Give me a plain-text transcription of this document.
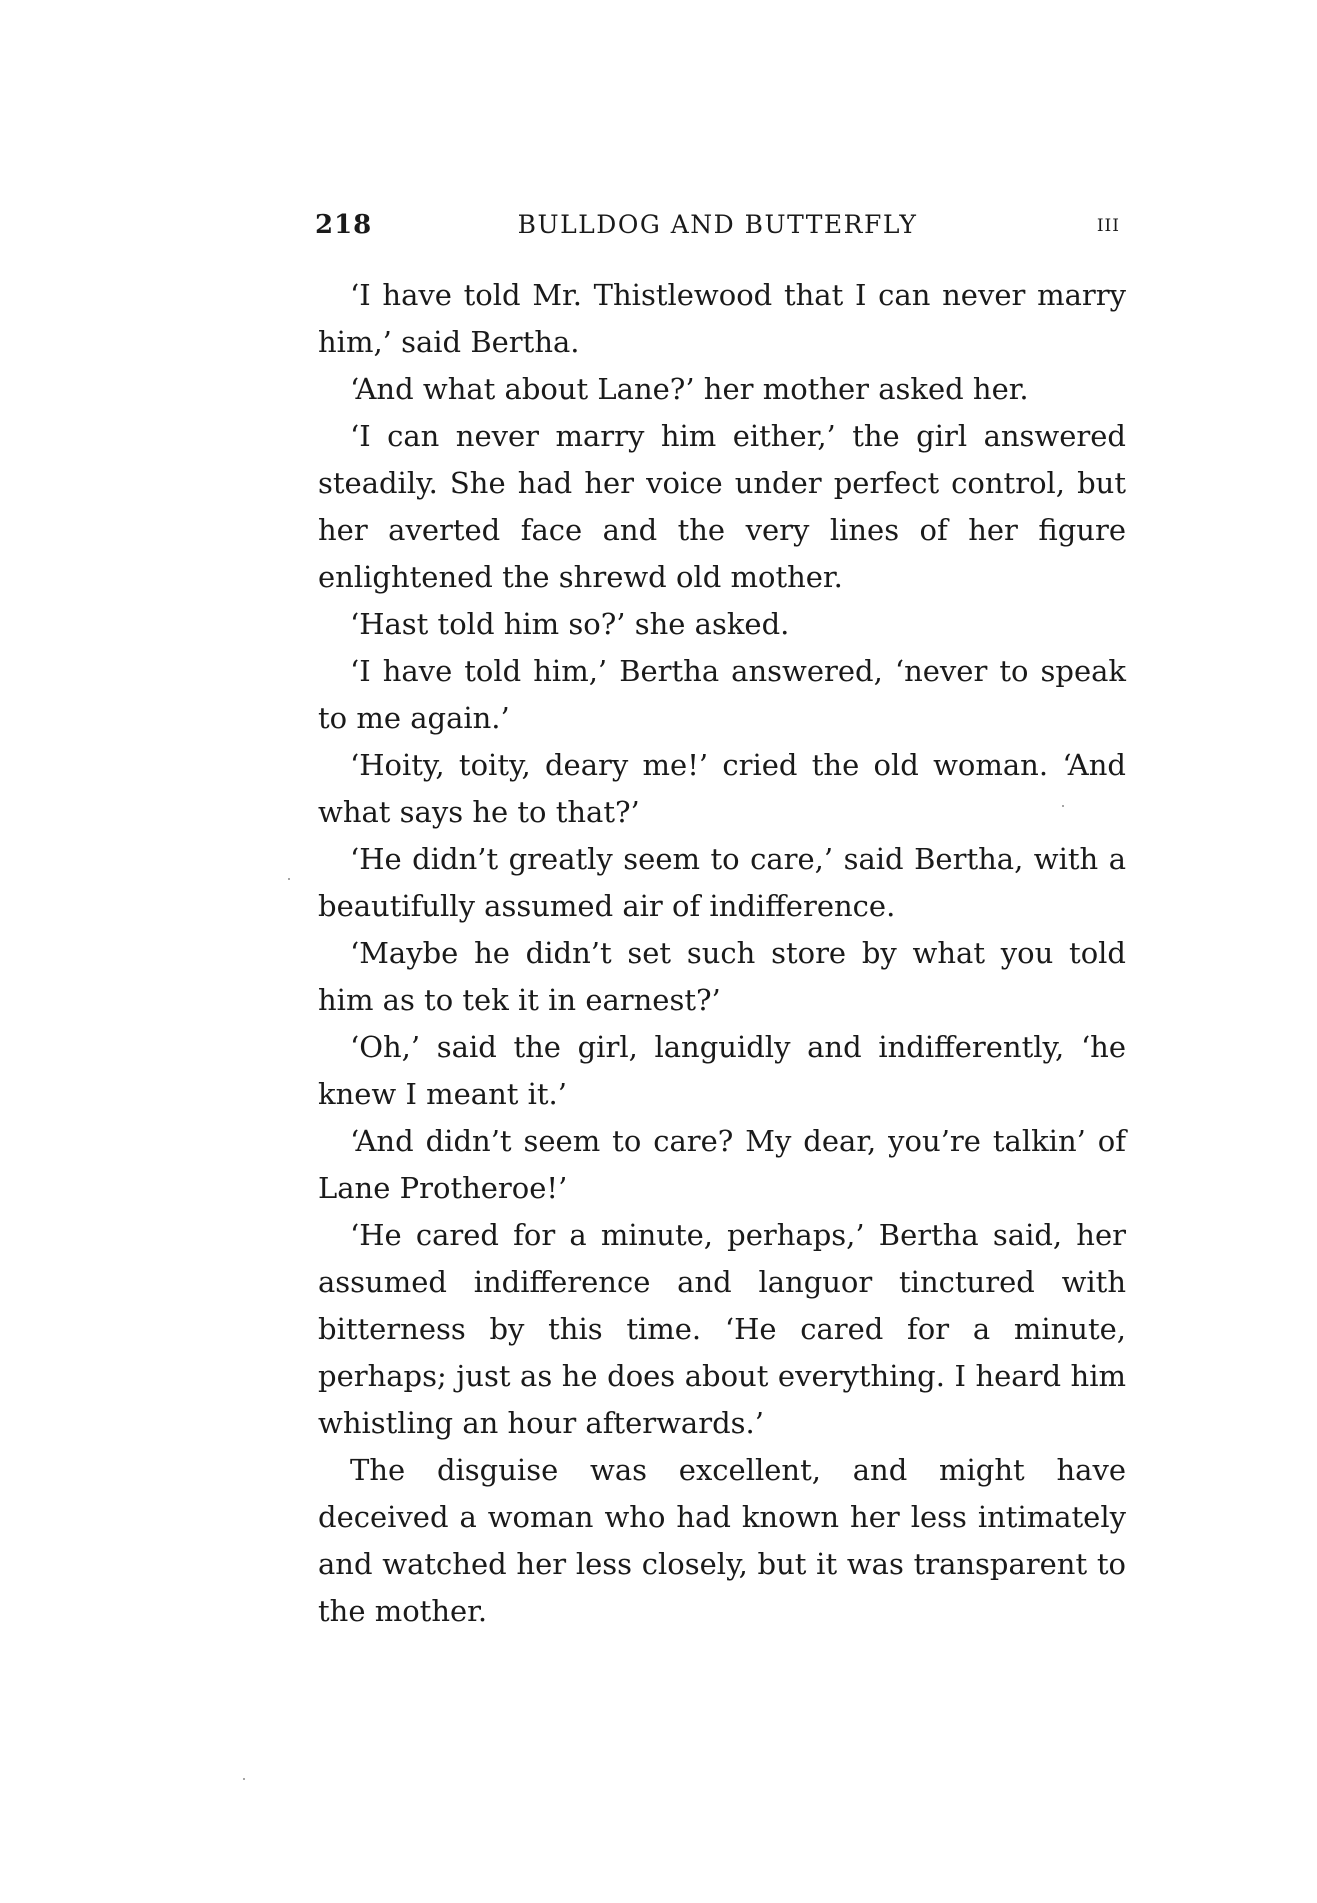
218	BULLDOG AND BUTTERFLY	III

‘I have told Mr. Thistlewood that I can never marry him,’ said Bertha.

‘And what about Lane?’ her mother asked her.

‘I can never marry him either,’ the girl answered steadily. She had her voice under perfect control, but her averted face and the very lines of her figure enlightened the shrewd old mother.

‘Hast told him so?’ she asked.

‘I have told him,’ Bertha answered, ‘never to speak to me again.’

‘Hoity, toity, deary me!’ cried the old woman. ‘And what says he to that?’

‘He didn’t greatly seem to care,’ said Bertha, with a beautifully assumed air of indifference.

‘Maybe he didn’t set such store by what you told him as to tek it in earnest?’

‘Oh,’ said the girl, languidly and indifferently, ‘he knew I meant it.’

‘And didn’t seem to care? My dear, you’re talkin’ of Lane Protheroe!’

‘He cared for a minute, perhaps,’ Bertha said, her assumed indifference and languor tinctured with bitterness by this time. ‘He cared for a minute, perhaps; just as he does about everything. I heard him whistling an hour afterwards.’

The disguise was excellent, and might have deceived a woman who had known her less intimately and watched her less closely, but it was transparent to the mother.
